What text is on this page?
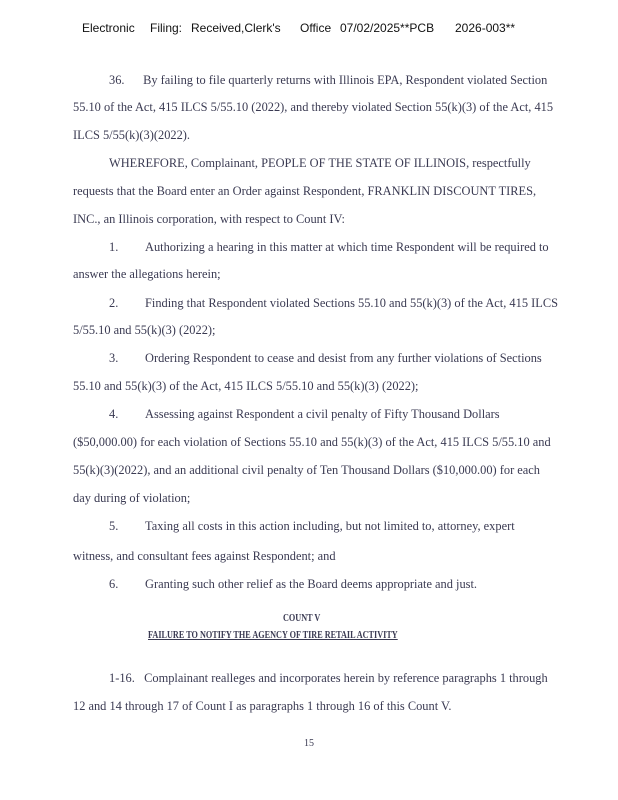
Electronic Filing: Received,Clerk's Office 07/02/2025**PCB 2026-003**
36.      By failing to file quarterly returns with Illinois EPA, Respondent violated Section
55.10 of the Act, 415 ILCS 5/55.10 (2022), and thereby violated Section 55(k)(3) of the Act, 415
ILCS 5/55(k)(3)(2022).
WHEREFORE, Complainant, PEOPLE OF THE STATE OF ILLINOIS, respectfully
requests that the Board enter an Order against Respondent, FRANKLIN DISCOUNT TIRES,
INC., an Illinois corporation, with respect to Count IV:
1. Authorizing a hearing in this matter at which time Respondent will be required to
answer the allegations herein;
2. Finding that Respondent violated Sections 55.10 and 55(k)(3) of the Act, 415 ILCS
5/55.10 and 55(k)(3) (2022);
3. Ordering Respondent to cease and desist from any further violations of Sections
55.10 and 55(k)(3) of the Act, 415 ILCS 5/55.10 and 55(k)(3) (2022);
4. Assessing against Respondent a civil penalty of Fifty Thousand Dollars
($50,000.00) for each violation of Sections 55.10 and 55(k)(3) of the Act, 415 ILCS 5/55.10 and
55(k)(3)(2022), and an additional civil penalty of Ten Thousand Dollars ($10,000.00) for each
day during of violation;
5. Taxing all costs in this action including, but not limited to, attorney, expert
witness, and consultant fees against Respondent; and
6. Granting such other relief as the Board deems appropriate and just.
1-16.   Complainant realleges and incorporates herein by reference paragraphs 1 through
12 and 14 through 17 of Count I as paragraphs 1 through 16 of this Count V.
COUNT V
FAILURE TO NOTIFY THE AGENCY OF TIRE RETAIL ACTIVITY
15
